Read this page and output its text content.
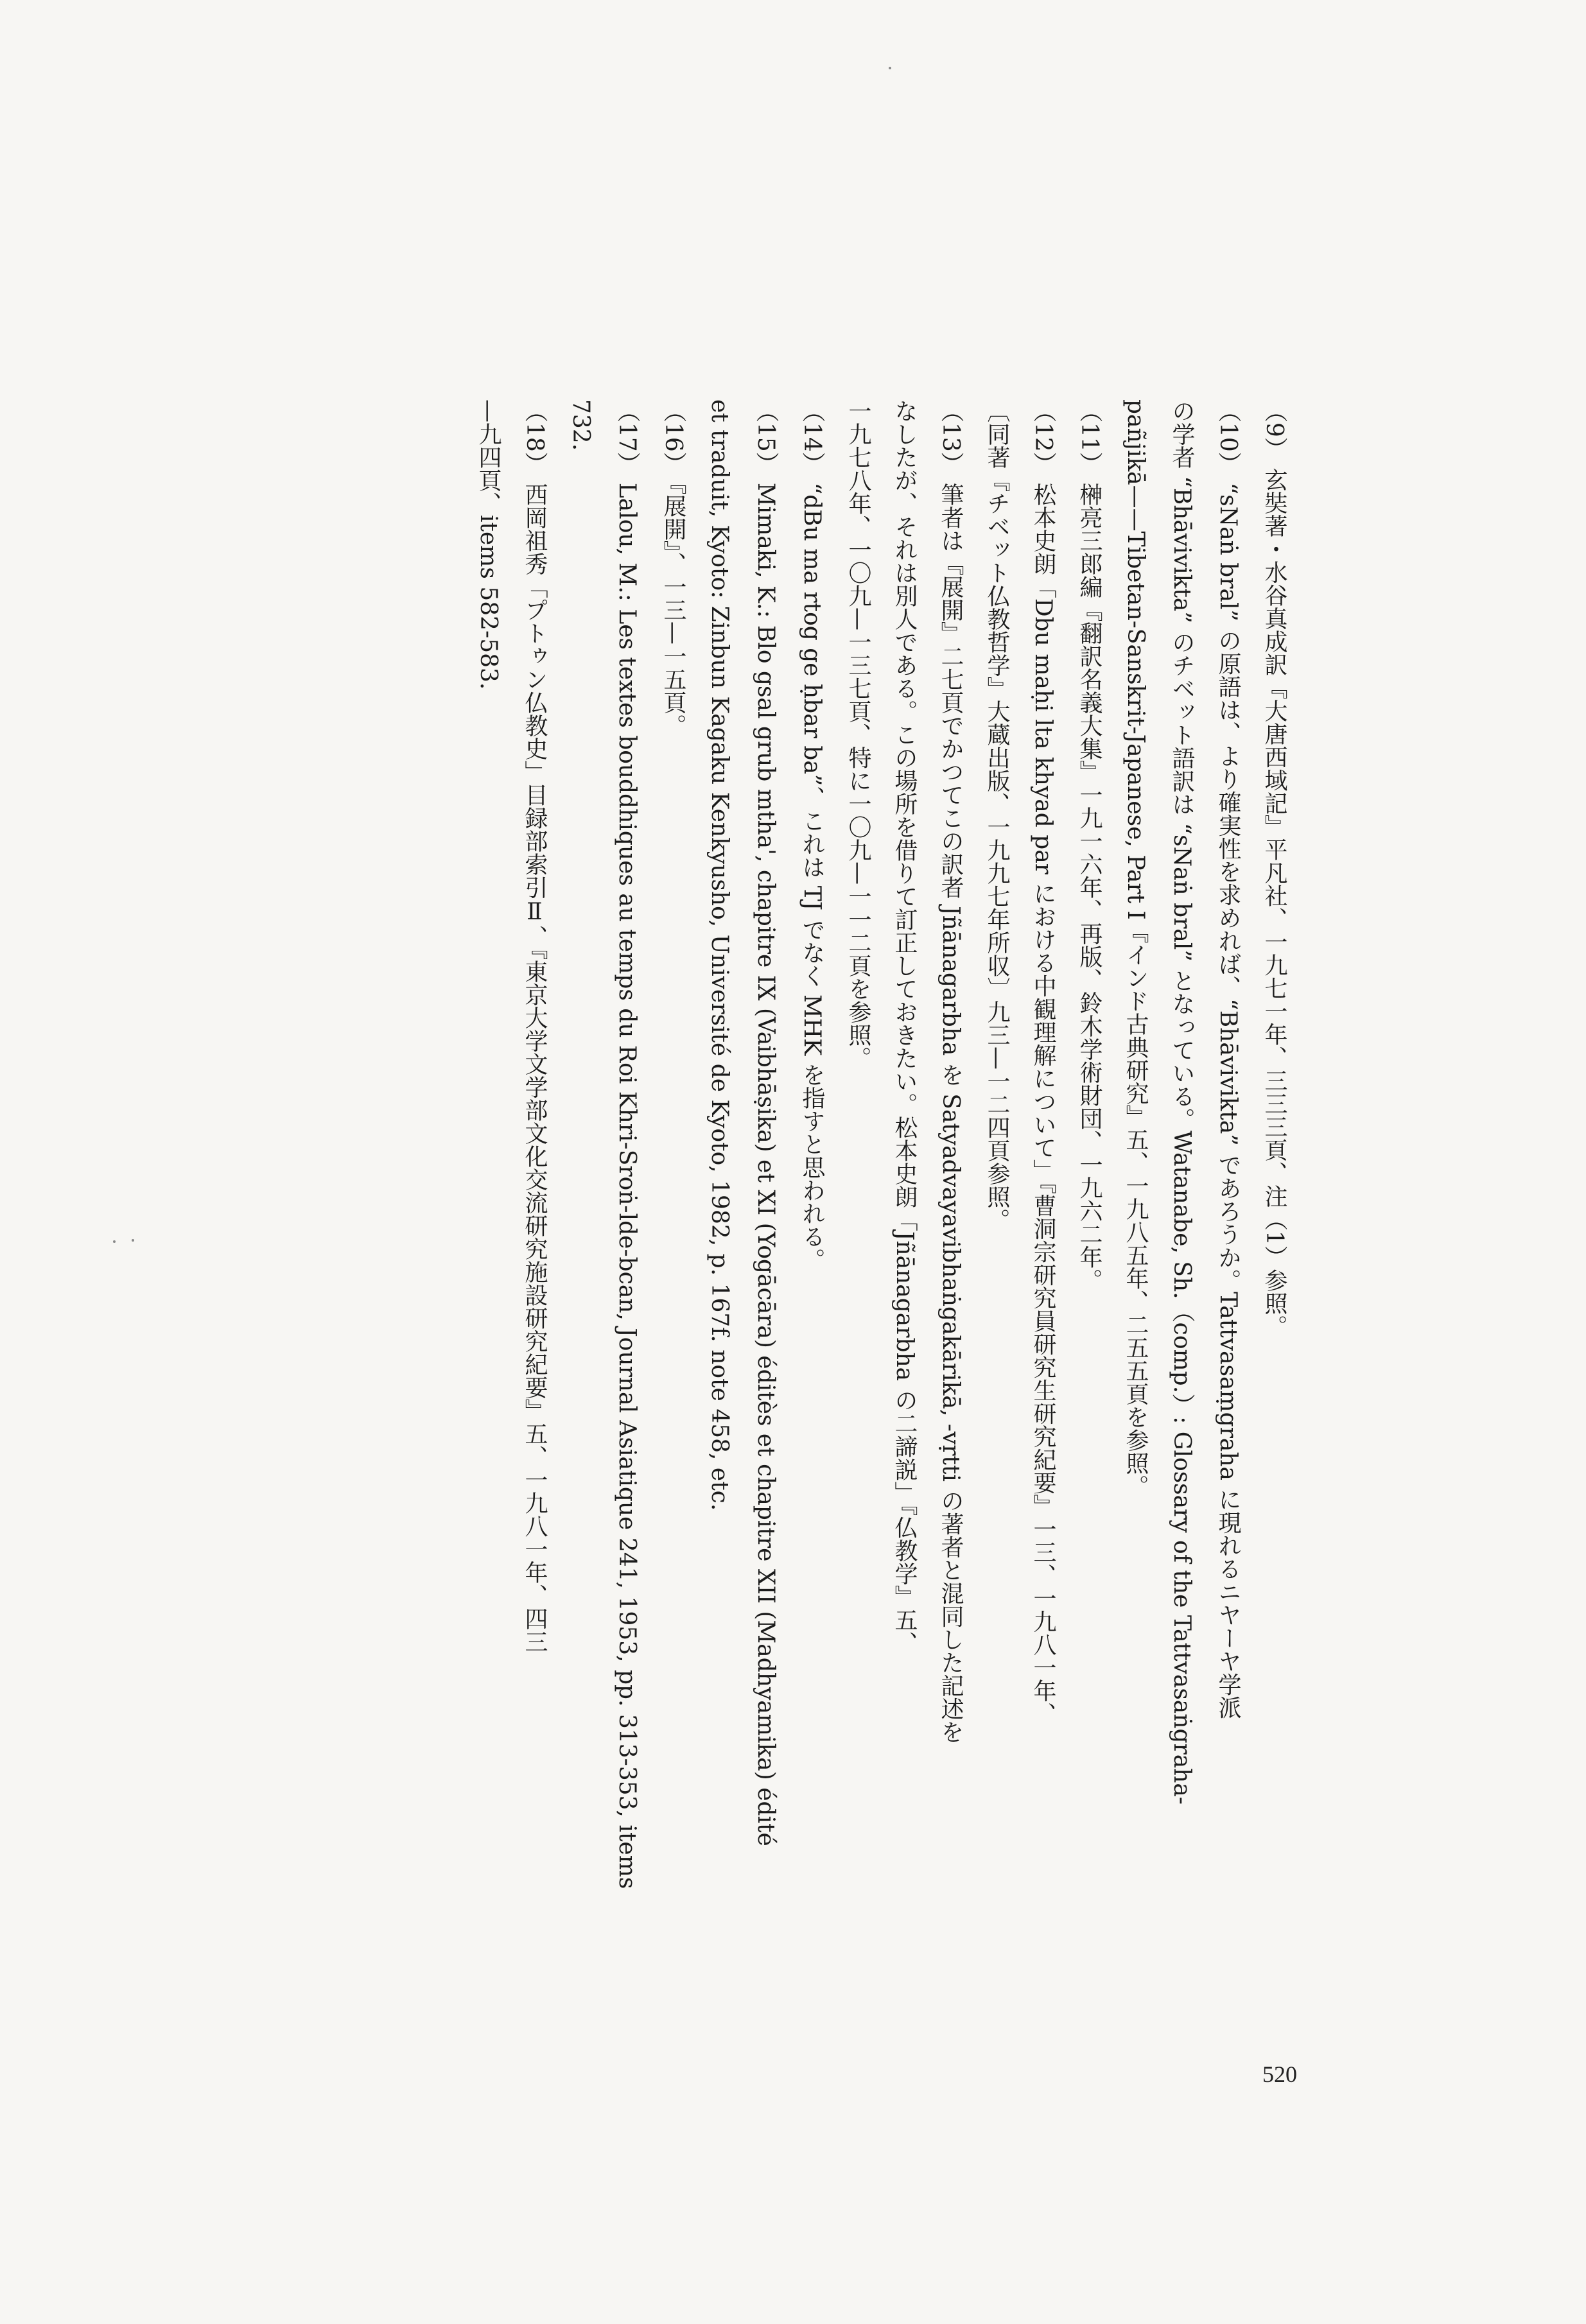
（9）玄奘著・水谷真成訳『大唐西域記』平凡社、一九七一年、三三三頁、注（1）参照。
（10）“sNaṅ bral” の原語は、より確実性を求めれば、“Bhāvivikta” であろうか。Tattvasaṃgraha に現れるニヤーヤ学派
の学者 “Bhāvivikta” のチベット語訳は “sNaṅ bral” となっている。Watanabe, Sh.（comp.）: Glossary of the Tattvasaṅgraha-
pañjikā——Tibetan-Sanskrit-Japanese, Part I『インド古典研究』五、一九八五年、二五五頁を参照。
（11）榊亮三郎編『翻訳名義大集』一九一六年、再版、鈴木学術財団、一九六二年。
（12）松本史朗「Dbu maḥi lta khyad par における中観理解について」『曹洞宗研究員研究生研究紀要』一三、一九八一年、
〔同著『チベット仏教哲学』大蔵出版、一九九七年所収〕九三—一二四頁参照。
（13）筆者は『展開』二七頁でかつてこの訳者 Jñānagarbha を Satyadvayavibhaṅgakārikā, -vṛtti の著者と混同した記述を
なしたが、それは別人である。この場所を借りて訂正しておきたい。松本史朗「Jñānagarbha の二諦説」『仏教学』五、
一九七八年、一〇九—一三七頁、特に一〇九—一一二頁を参照。
（14）“dBu ma rtog ge ḥbar ba”、これは TJ でなく MHK を指すと思われる。
（15）Mimaki, K.: Blo gsal grub mtha', chapitre IX (Vaibhāṣika) et XI (Yogācāra) éditès et chapitre XII (Madhyamika) édité
et traduit, Kyoto: Zinbun Kagaku Kenkyusho, Université de Kyoto, 1982, p. 167f. note 458, etc.
（16）『展開』、一三—一五頁。
（17）Lalou, M.: Les textes bouddhiques au temps du Roi Khri-Sroṅ-lde-bcan, Journal Asiatique 241, 1953, pp. 313-353, items
732.
（18）西岡祖秀「プトゥン仏教史」目録部索引Ⅱ、『東京大学文学部文化交流研究施設研究紀要』五、一九八一年、四三
—九四頁、items 582-583.
520
